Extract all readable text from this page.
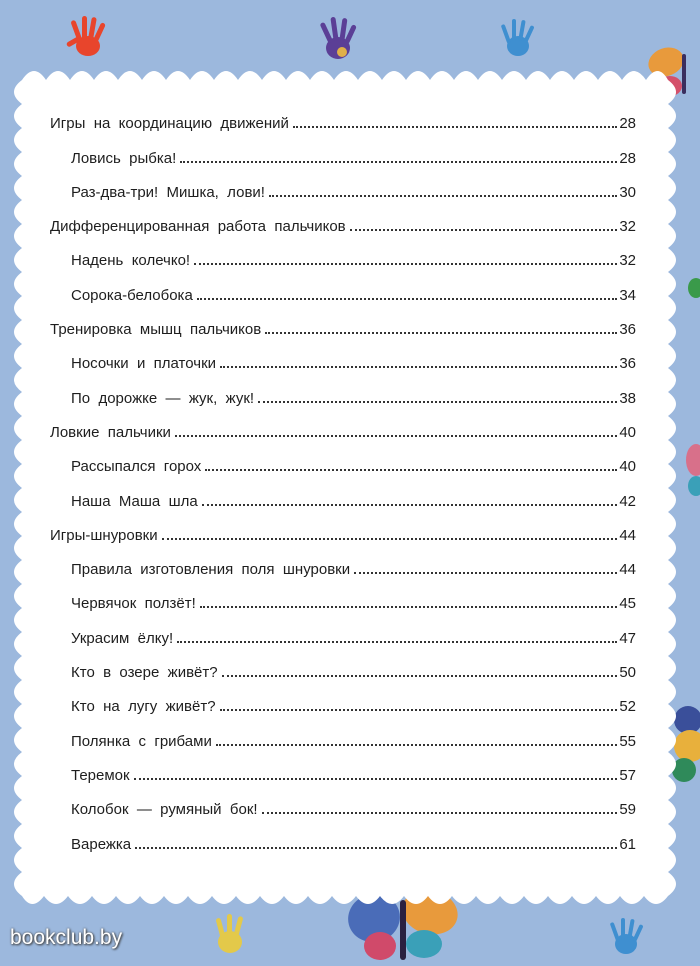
Игры  на  координацию  движений	28
Ловись  рыбка!	28
Раз-два-три!  Мишка,  лови!	30
Дифференцированная  работа  пальчиков	32
Надень  колечко!	32
Сорока-белобока	34
Тренировка  мышц  пальчиков	36
Носочки  и  платочки	36
По  дорожке  —  жук,  жук!	38
Ловкие  пальчики	40
Рассыпался  горох	40
Наша  Маша  шла	42
Игры-шнуровки	44
Правила  изготовления  поля  шнуровки	44
Червячок  ползёт!	45
Украсим  ёлку!	47
Кто  в  озере  живёт?	50
Кто  на  лугу  живёт?	52
Полянка  с  грибами	55
Теремок	57
Колобок  —  румяный  бок!	59
Варежка	61
bookclub.by
